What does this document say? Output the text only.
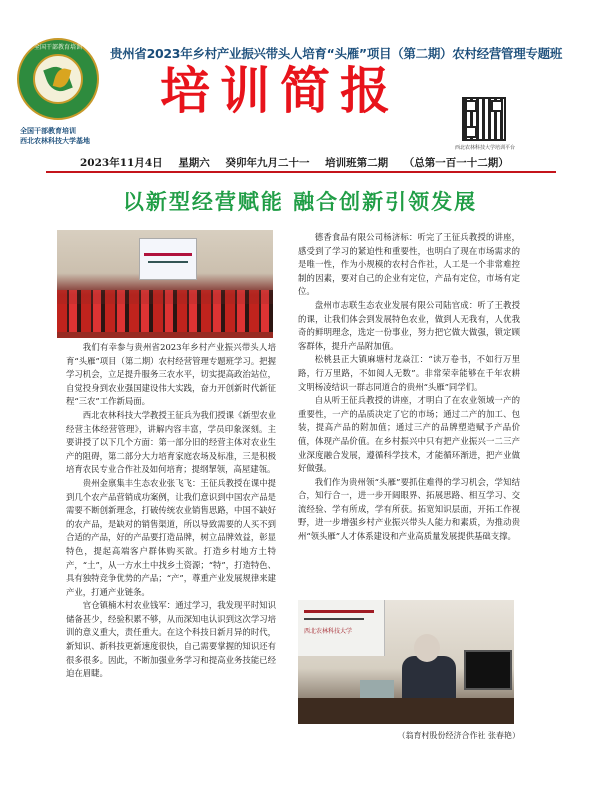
全国干部教育培训
全国干部教育培训
西北农林科技大学基地
贵州省2023年乡村产业振兴带头人培育“头雁”项目（第二期）农村经营管理专题班
培训简报
西北农林科技大学培训平台
2023年11月4日 星期六 癸卯年九月二十一 培训班第二期 （总第一百一十二期）
以新型经营赋能 融合创新引领发展

我们有幸参与贵州省2023年乡村产业振兴带头人培育“头雁”项目（第二期）农村经营管理专题班学习。把握学习机会，立足提升服务三农水平，切实提高政治站位，自觉投身到农业强国建设伟大实践，奋力开创新时代新征程“三农”工作新局面。

西北农林科技大学教授王征兵为我们授课《新型农业经营主体经营管理》，讲解内容丰富，学员印象深刻。主要讲授了以下几个方面：第一部分旧的经营主体对农业生产的阻碍，第二部分大力培育家庭农场及标准，三是积极培育农民专业合作社及如何培育；提纲挈领，高屋建瓴。

贵州金禀集丰生态农业张飞飞：王征兵教授在课中提到几个农产品营销成功案例，让我们意识到中国农产品是需要不断创新理念，打破传统农业销售思路，中国不缺好的农产品，是缺对的销售渠道，所以导致需要的人买不到合适的产品，好的产品要打造品牌，树立品牌效益，彰显特色，提起高端客户群体购买欲。打造乡村地方土特产，“土”，从一方水土中找乡土资源；“特”，打造特色、具有独特竞争优势的产品；“产”，尊重产业发展规律来建产业，打通产业链条。

官仓镇楠木村农业钱军：通过学习，我发现平时知识储备甚少，经验积累不够，从而深知电认识到这次学习培训的意义重大，责任重大。在这个科技日新月异的时代，新知识、新科技更新速度很快，自己需要掌握的知识还有很多很多。因此，不断加强业务学习和提高业务技能已经迫在眉睫。

德香食品有限公司杨济标：听完了王征兵教授的讲座，感受到了学习的紧迫性和重要性，也明白了现在市场需求的是唯一性，作为小规模的农村合作社，人工是一个非常难控制的因素，要对自己的企业有定位，产品有定位，市场有定位。

盘州市志联生态农业发展有限公司陆官成：听了王教授的课，让我们体会到发展特色农业，做到人无我有，人优我奇的鲜明理念，选定一份事业，努力把它做大做强，锁定顾客群体，提升产品附加值。

松桃县正大镇麻塘村龙焱江：“读万卷书，不如行万里路，行万里路，不如阅人无数”。非常荣幸能够在千年农耕文明杨凌结识一群志同道合的贵州“头雁”同学们。

自从听王征兵教授的讲座，才明白了在农业领域一产的重要性，一产的品质决定了它的市场；通过二产的加工、包装，提高产品的附加值；通过三产的品牌塑造赋予产品价值，体现产品价值。在乡村振兴中只有把产业振兴一二三产业深度融合发展，遵循科学技术，才能循环渐进，把产业做好做强。

我们作为贵州领“头雁”要抓住难得的学习机会，学知结合，知行合一，进一步开阔眼界、拓展思路、相互学习、交流经验、学有所成，学有所获。拓宽知识层面，开拓工作视野，进一步增强乡村产业振兴带头人能力和素质，为推动贵州“领头雁”人才体系建设和产业高质量发展提供基础支撑。

西北农林科技大学
（翁育村股份经济合作社 张春艳）
